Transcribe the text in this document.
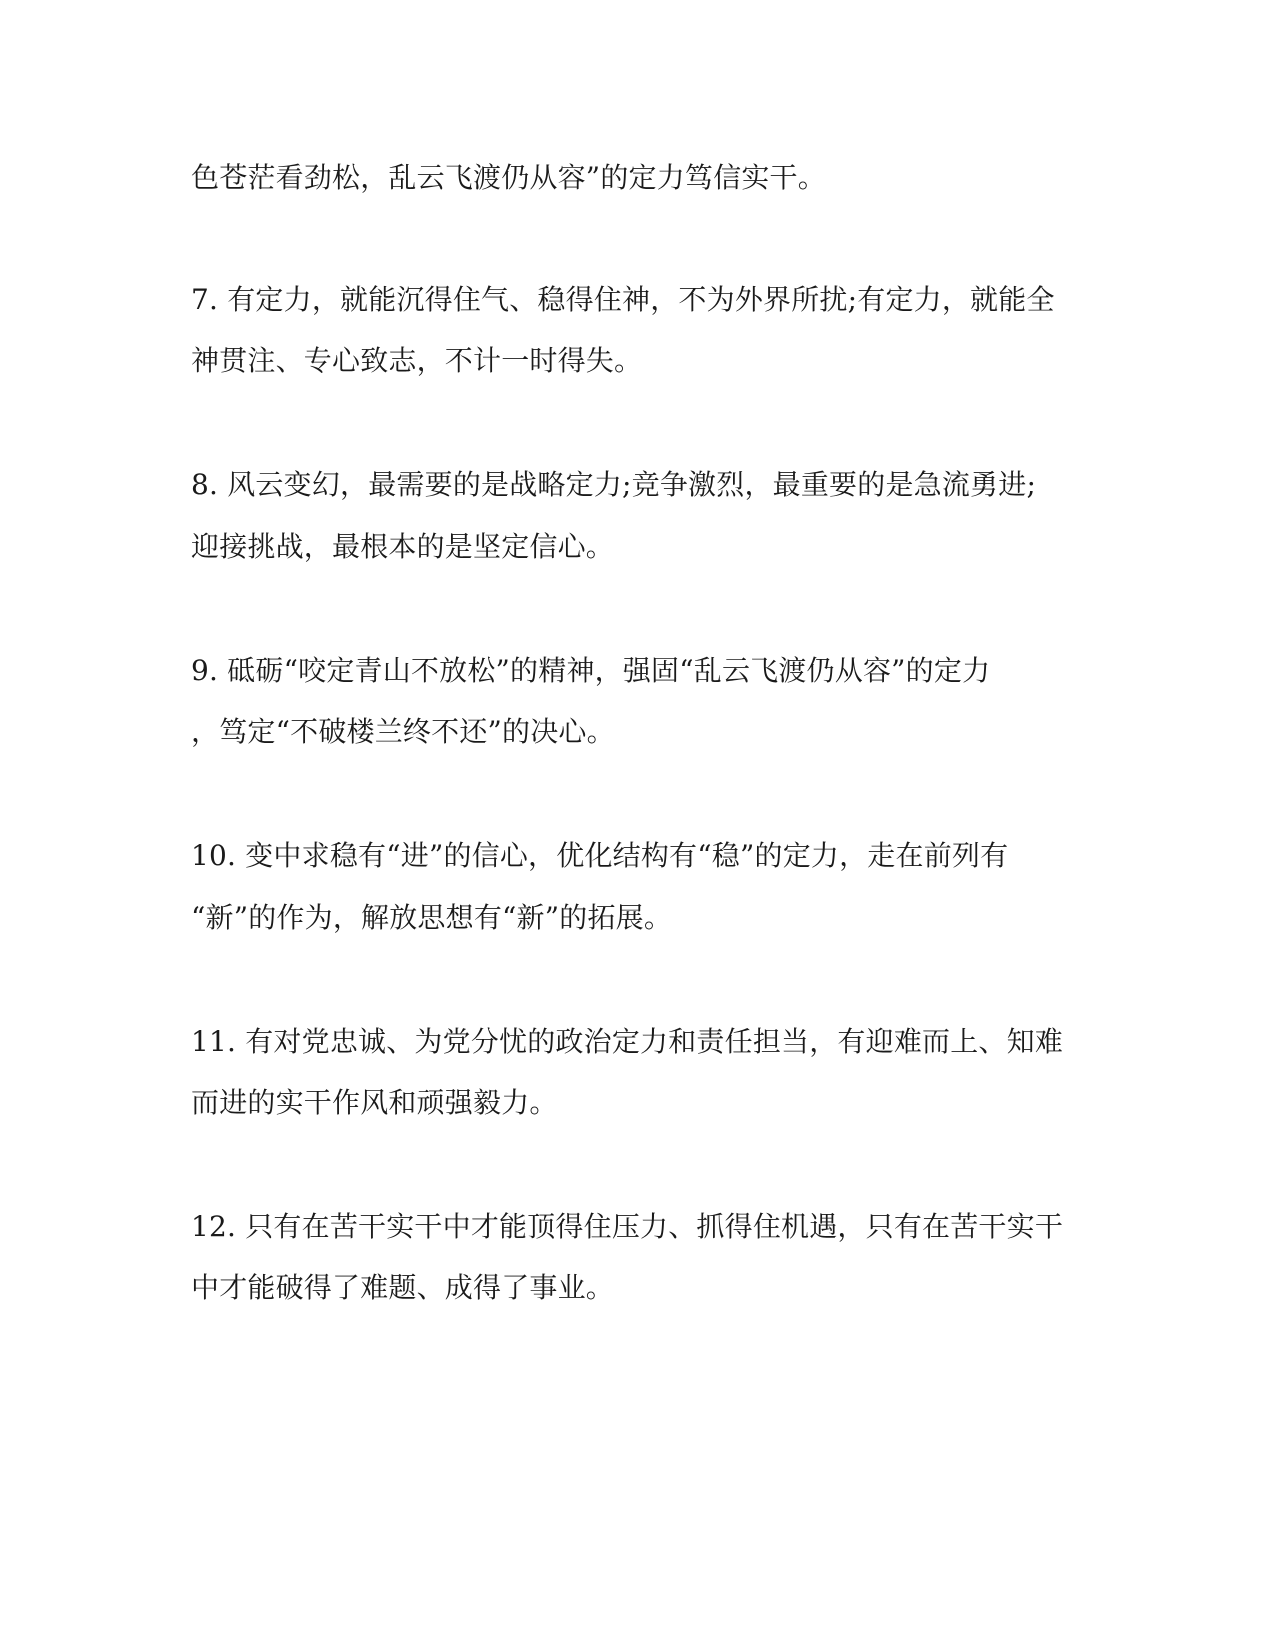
色苍茫看劲松，乱云飞渡仍从容”的定力笃信实干。
7. 有定力，就能沉得住气、稳得住神，不为外界所扰;有定力，就能全
神贯注、专心致志，不计一时得失。
8. 风云变幻，最需要的是战略定力;竞争激烈，最重要的是急流勇进;
迎接挑战，最根本的是坚定信心。
9. 砥砺“咬定青山不放松”的精神，强固“乱云飞渡仍从容”的定力
，笃定“不破楼兰终不还”的决心。
10. 变中求稳有“进”的信心，优化结构有“稳”的定力，走在前列有
“新”的作为，解放思想有“新”的拓展。
11. 有对党忠诚、为党分忧的政治定力和责任担当，有迎难而上、知难
而进的实干作风和顽强毅力。
12. 只有在苦干实干中才能顶得住压力、抓得住机遇，只有在苦干实干
中才能破得了难题、成得了事业。
